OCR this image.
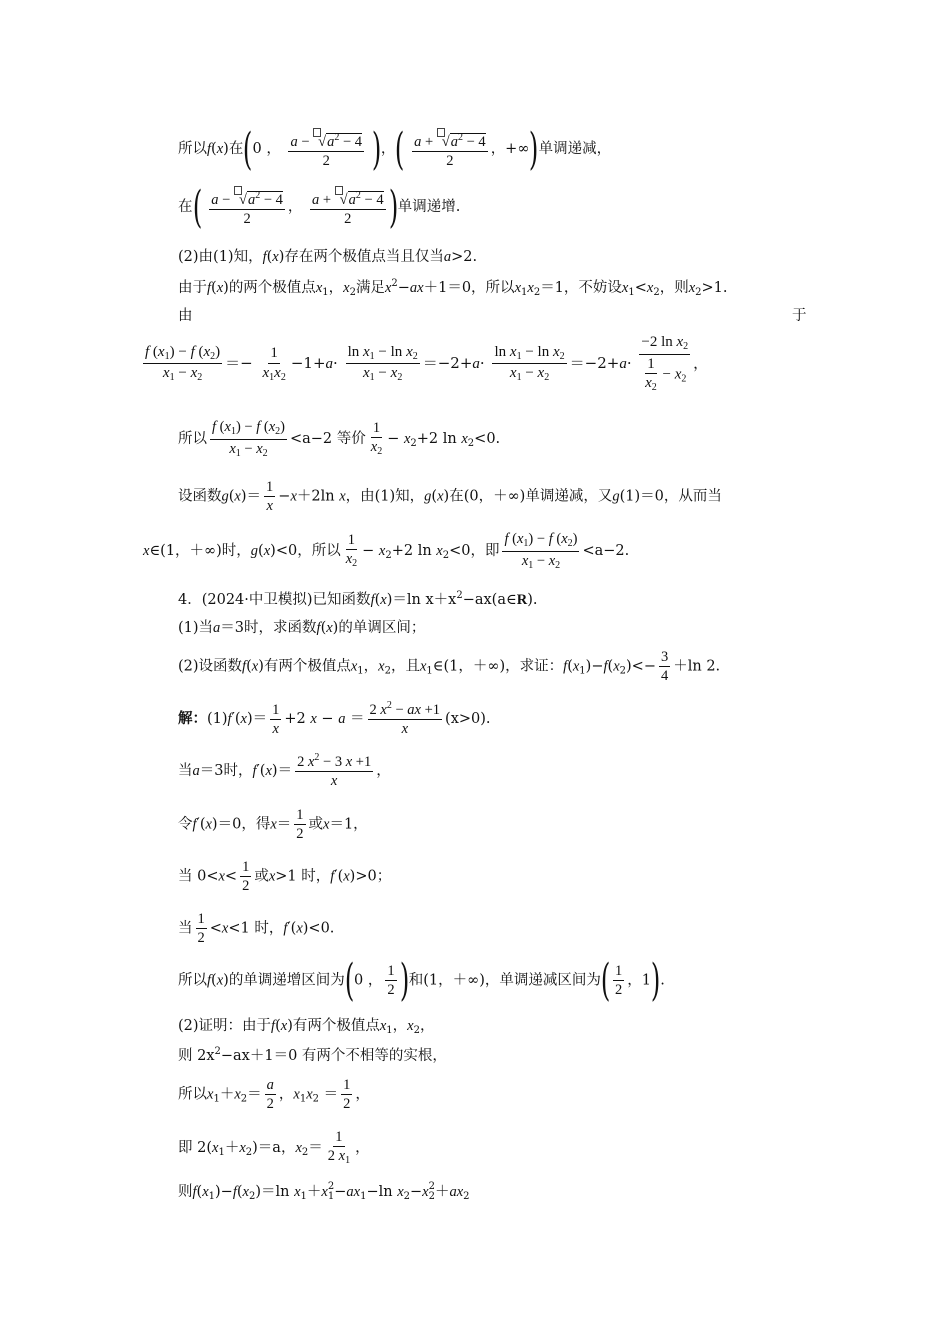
所以f(x)在(0 ， $\frac{a - √a^2 - 4}{2}$ )，( $\frac{a + √a^2 - 4}{2}$ ，+∞)单调递减，
在( $\frac{a - √a^2 - 4}{2}$ ， $\frac{a + √a^2 - 4}{2}$ )单调递增.
(2)由(1)知，f(x)存在两个极值点当且仅当a>2.
由于f(x)的两个极值点$x_1$，$x_2$满足$x^2-ax+1=0$，所以$x_1x_2=1$，不妨设$x_1<x_2$，则$x_2>1$.
由	于
$\frac{f (x_1) - f (x_2)}{x_1 - x_2} =- \frac{1}{x_1x_2} -1+a\cdot \frac{\ln x_1 - \ln x_2}{x_1 - x_2} =-2+a\cdot \frac{\ln x_1 - \ln x_2}{x_1 - x_2} =-2+a\cdot \frac{-2 \ln x_2}{\frac{1}{x_2} - x_2}$ ，
所以 $\frac{f (x_1) - f (x_2)}{x_1 - x_2} <a-2$ 等价 $\frac{1}{x_2} - x_2+2$ $\ln x_2<0$.
设函数$g(x)= \frac{1}{x} -x+2\ln$ x，由(1)知，g(x)在(0，＋∞)单调递减，又g(1)＝0，从而当
x∈(1，＋∞)时，g(x)<0，所以 $\frac{1}{x_2} - x_2+2$ $\ln x_2<0$，即 $\frac{f (x_1) - f (x_2)}{x_1 - x_2} <a-2$.
4．(2024·中卫模拟)已知函数f(x)＝ln $x+x^2-ax(a\in R)$.
(1)当a＝3时，求函数f(x)的单调区间；
(2)设函数f(x)有两个极值点$x_1$，$x_2$，且$x_1\in(1$，＋∞)，求证：$f(x_1)-f(x_2)<- \frac{3}{4} +\ln$ 2.
解：$(1)f'(x)= \frac{1}{x} +2$ $x - a = \frac{2 x^2 - ax +1}{x} (x>0)$.
当a＝3时，$f'(x)= \frac{2 x^2 - 3 x +1}{x}$ ，
令f′(x)＝0，得$x= \frac{1}{2}$ 或x＝1，
当 $0<x< \frac{1}{2}$ 或x>1 时，f′(x)>0；
当 $\frac{1}{2} <x<1$ 时，f′(x)<0.
所以f(x)的单调递增区间为(0 ， $\frac{1}{2}$ )和(1，＋∞)，单调递减区间为( $\frac{1}{2}$ ，1).
(2)证明：由于f(x)有两个极值点$x_1$，$x_2$，
则 $2x^2-ax+1=0$ 有两个不相等的实根，
所以$x_1+x_2= \frac{a}{2}$ ，$x_1x_2 = \frac{1}{2}$ ，
即 $2(x_1+x_2)=a$，$x_2= \frac{1}{2 x_1}$ ，
则$f(x_1)-f(x_2)=\ln$ $x_1+x$ 2
$1 -ax_1-\ln$ $x_2-x$ 2
$2 +ax_2$
